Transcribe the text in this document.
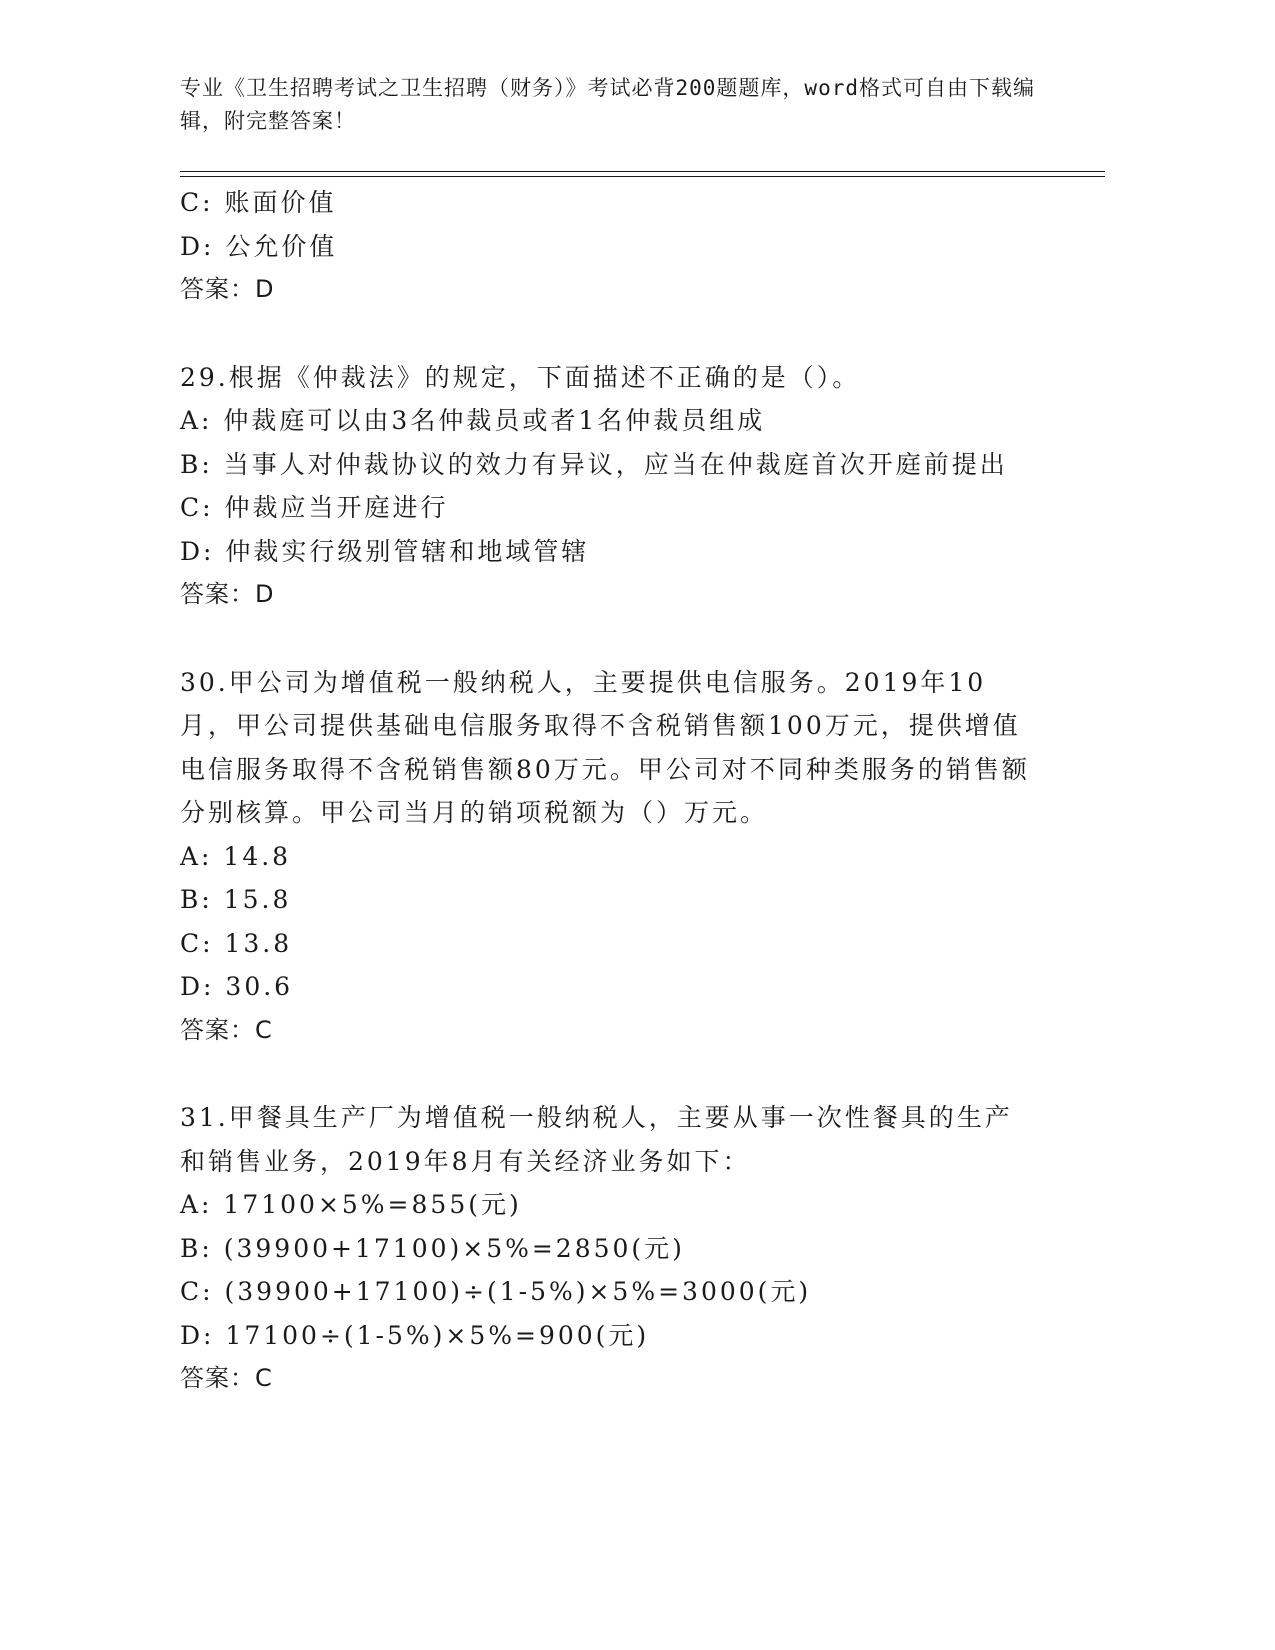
专业《卫生招聘考试之卫生招聘（财务）》考试必背200题题库，word格式可自由下载编辑，附完整答案！
C: 账面价值
D: 公允价值
答案：D
29.根据《仲裁法》的规定，下面描述不正确的是（）。
A: 仲裁庭可以由3名仲裁员或者1名仲裁员组成
B: 当事人对仲裁协议的效力有异议，应当在仲裁庭首次开庭前提出
C: 仲裁应当开庭进行
D: 仲裁实行级别管辖和地域管辖
答案：D
30.甲公司为增值税一般纳税人，主要提供电信服务。2019年10月，甲公司提供基础电信服务取得不含税销售额100万元，提供增值电信服务取得不含税销售额80万元。甲公司对不同种类服务的销售额分别核算。甲公司当月的销项税额为（）万元。
A: 14.8
B: 15.8
C: 13.8
D: 30.6
答案：C
31.甲餐具生产厂为增值税一般纳税人，主要从事一次性餐具的生产和销售业务，2019年8月有关经济业务如下：
A: 17100×5%=855(元)
B: (39900+17100)×5%=2850(元)
C: (39900+17100)÷(1-5%)×5%=3000(元)
D: 17100÷(1-5%)×5%=900(元)
答案：C
